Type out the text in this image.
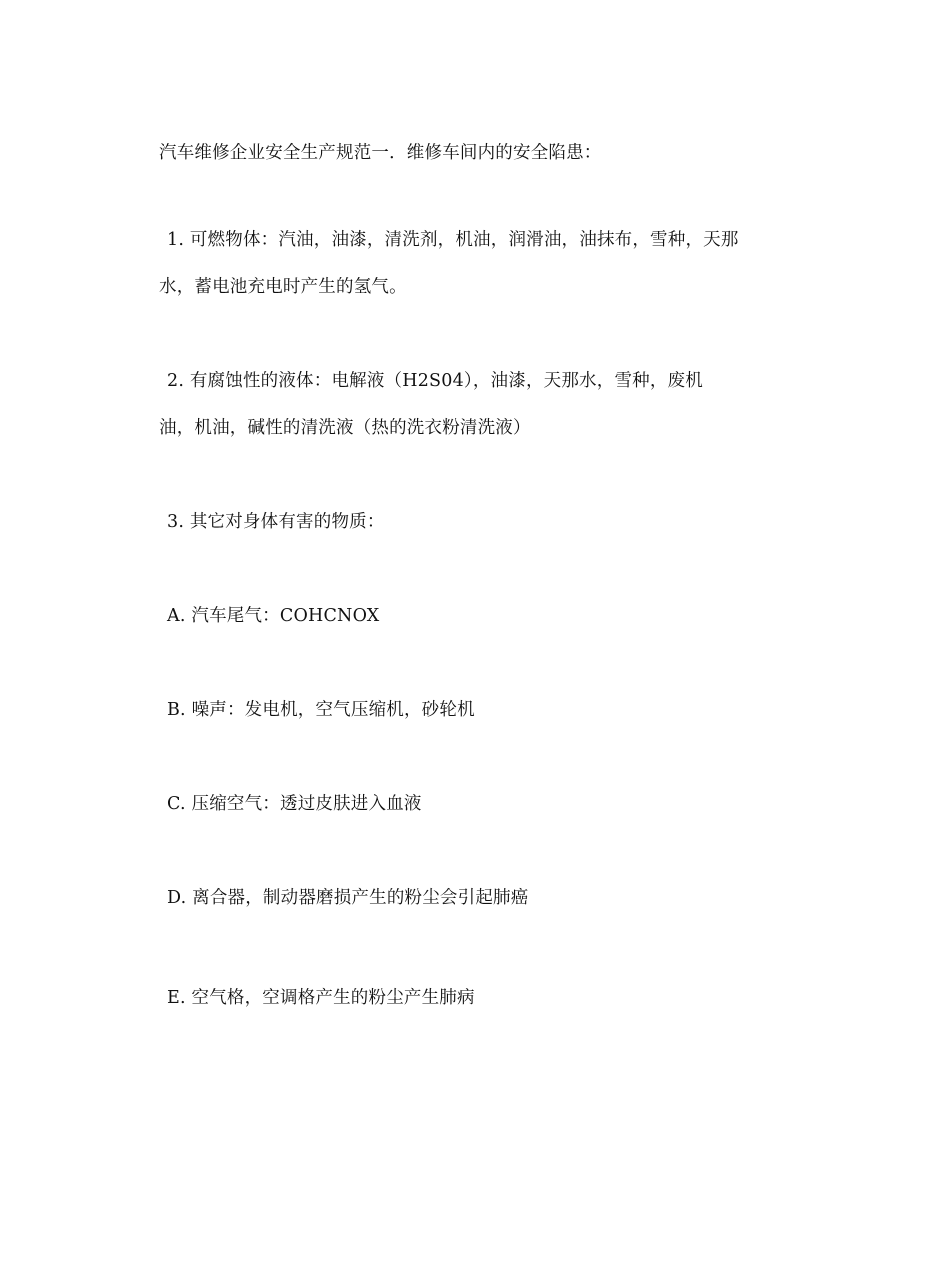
汽车维修企业安全生产规范一．维修车间内的安全陷患：
1. 可燃物体：汽油，油漆，清洗剂，机油，润滑油，油抹布，雪种，天那
水，蓄电池充电时产生的氢气。
2. 有腐蚀性的液体：电解液（H2S04），油漆，天那水，雪种，废机
油，机油，碱性的清洗液（热的洗衣粉清洗液）
3. 其它对身体有害的物质：
A. 汽车尾气：COHCNOX
B. 噪声：发电机，空气压缩机，砂轮机
C. 压缩空气：透过皮肤进入血液
D. 离合器，制动器磨损产生的粉尘会引起肺癌
E. 空气格，空调格产生的粉尘产生肺病
